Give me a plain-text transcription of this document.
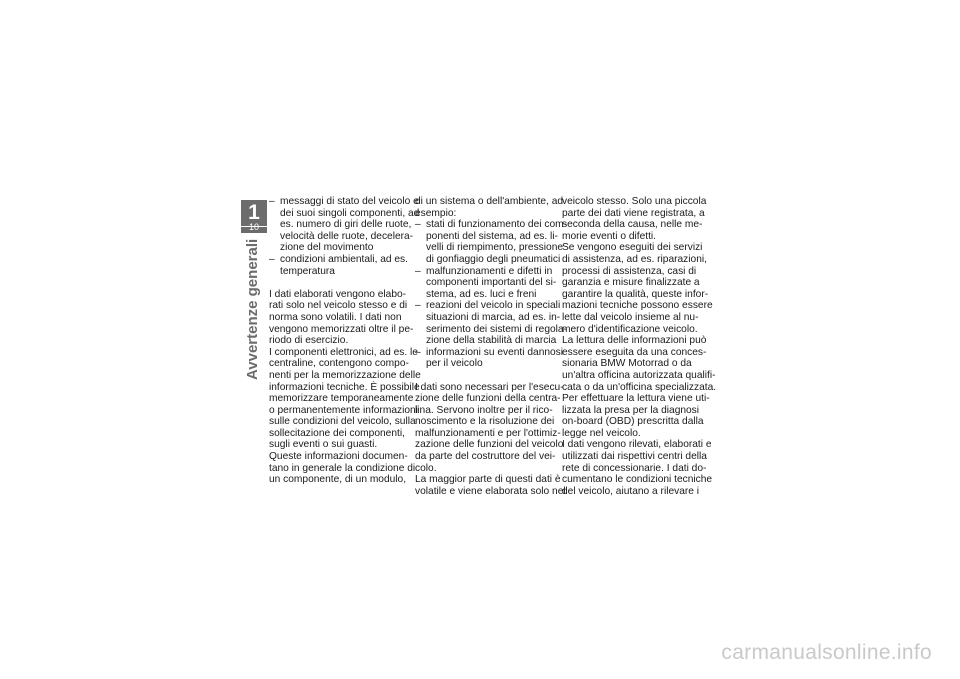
1
10
Avvertenze generali
– messaggi di stato del veicolo e
dei suoi singoli componenti, ad
es. numero di giri delle ruote,
velocità delle ruote, decelera-
zione del movimento
– condizioni ambientali, ad es.
temperatura
I dati elaborati vengono elabo-
rati solo nel veicolo stesso e di
norma sono volatili. I dati non
vengono memorizzati oltre il pe-
riodo di esercizio.
I componenti elettronici, ad es. le
centraline, contengono compo-
nenti per la memorizzazione delle
informazioni tecniche. È possibile
memorizzare temporaneamente
o permanentemente informazioni
sulle condizioni del veicolo, sulla
sollecitazione dei componenti,
sugli eventi o sui guasti.
Queste informazioni documen-
tano in generale la condizione di
un componente, di un modulo,
di un sistema o dell'ambiente, ad
esempio:
– stati di funzionamento dei com-
ponenti del sistema, ad es. li-
velli di riempimento, pressione
di gonfiaggio degli pneumatici
– malfunzionamenti e difetti in
componenti importanti del si-
stema, ad es. luci e freni
– reazioni del veicolo in speciali
situazioni di marcia, ad es. in-
serimento dei sistemi di regola-
zione della stabilità di marcia
– informazioni su eventi dannosi
per il veicolo
I dati sono necessari per l'esecu-
zione delle funzioni della centra-
lina. Servono inoltre per il rico-
noscimento e la risoluzione dei
malfunzionamenti e per l'ottimiz-
zazione delle funzioni del veicolo
da parte del costruttore del vei-
colo.
La maggior parte di questi dati è
volatile e viene elaborata solo nel
veicolo stesso. Solo una piccola
parte dei dati viene registrata, a
seconda della causa, nelle me-
morie eventi o difetti.
Se vengono eseguiti dei servizi
di assistenza, ad es. riparazioni,
processi di assistenza, casi di
garanzia e misure finalizzate a
garantire la qualità, queste infor-
mazioni tecniche possono essere
lette dal veicolo insieme al nu-
mero d'identificazione veicolo.
La lettura delle informazioni può
essere eseguita da una conces-
sionaria BMW Motorrad o da
un'altra officina autorizzata qualifi-
cata o da un'officina specializzata.
Per effettuare la lettura viene uti-
lizzata la presa per la diagnosi
on-board (OBD) prescritta dalla
legge nel veicolo.
I dati vengono rilevati, elaborati e
utilizzati dai rispettivi centri della
rete di concessionarie. I dati do-
cumentano le condizioni tecniche
del veicolo, aiutano a rilevare i
carmanualsonline.info
